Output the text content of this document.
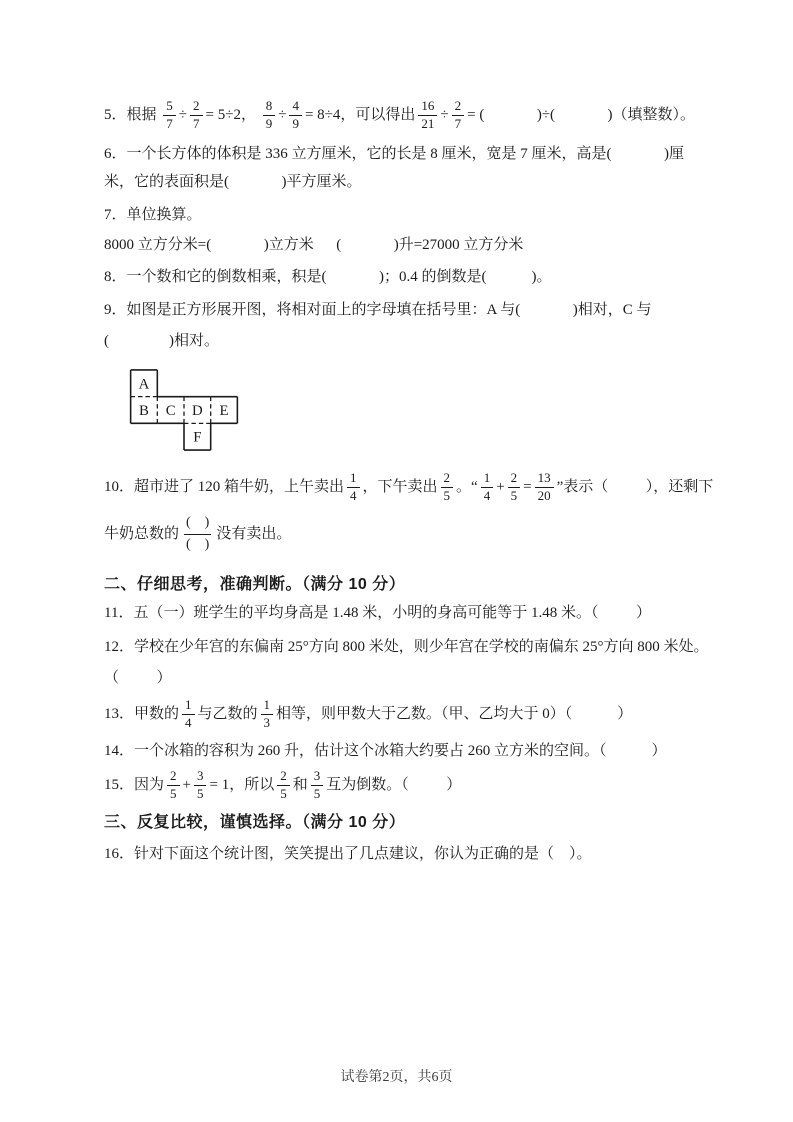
5．根据 $\frac{5}{7} \div \frac{2}{7} = 5\div 2$， $\frac{8}{9} \div \frac{4}{9} = 8\div 4$，可以得出 $\frac{16}{21} \div \frac{2}{7}$ = (              )÷(              )（填整数）。
6．一个长方体的体积是 336 立方厘米，它的长是 8 厘米，宽是 7 厘米，高是(              )厘
米，它的表面积是(              )平方厘米。
7．单位换算。
8000 立方分米=(              )立方米      (              )升=27000 立方分米
8．一个数和它的倒数相乘，积是(              )；0.4 的倒数是(            )。
9．如图是正方形展开图，将相对面上的字母填在括号里：A 与(              )相对，C 与
(                )相对。
A
B C D E
F
10．超市进了 120 箱牛奶，上午卖出 $\frac{1}{4}$ ，下午卖出 $\frac{2}{5}$ 。“ $\frac{1}{4} + \frac{2}{5} = \frac{13}{20}$ ”表示（          ），还剩下
牛奶总数的
(    )
(    )
没有卖出。
二、仔细思考，准确判断。（满分 10 分）
11．五（一）班学生的平均身高是 1.48 米，小明的身高可能等于 1.48 米。（          ）
12．学校在少年宫的东偏南 25°方向 800 米处，则少年宫在学校的南偏东 25°方向 800 米处。
（          ）
13．甲数的 $\frac{1}{4}$ 与乙数的 $\frac{1}{3}$ 相等，则甲数大于乙数。（甲、乙均大于 0）（            ）
14．一个冰箱的容积为 260 升，估计这个冰箱大约要占 260 立方米的空间。（            ）
15．因为 $\frac{2}{5} + \frac{3}{5} = 1$，所以 $\frac{2}{5}$ 和 $\frac{3}{5}$ 互为倒数。（          ）
三、反复比较，谨慎选择。（满分 10 分）
16．针对下面这个统计图，笑笑提出了几点建议，你认为正确的是（    ）。
试卷第2页，共6页
